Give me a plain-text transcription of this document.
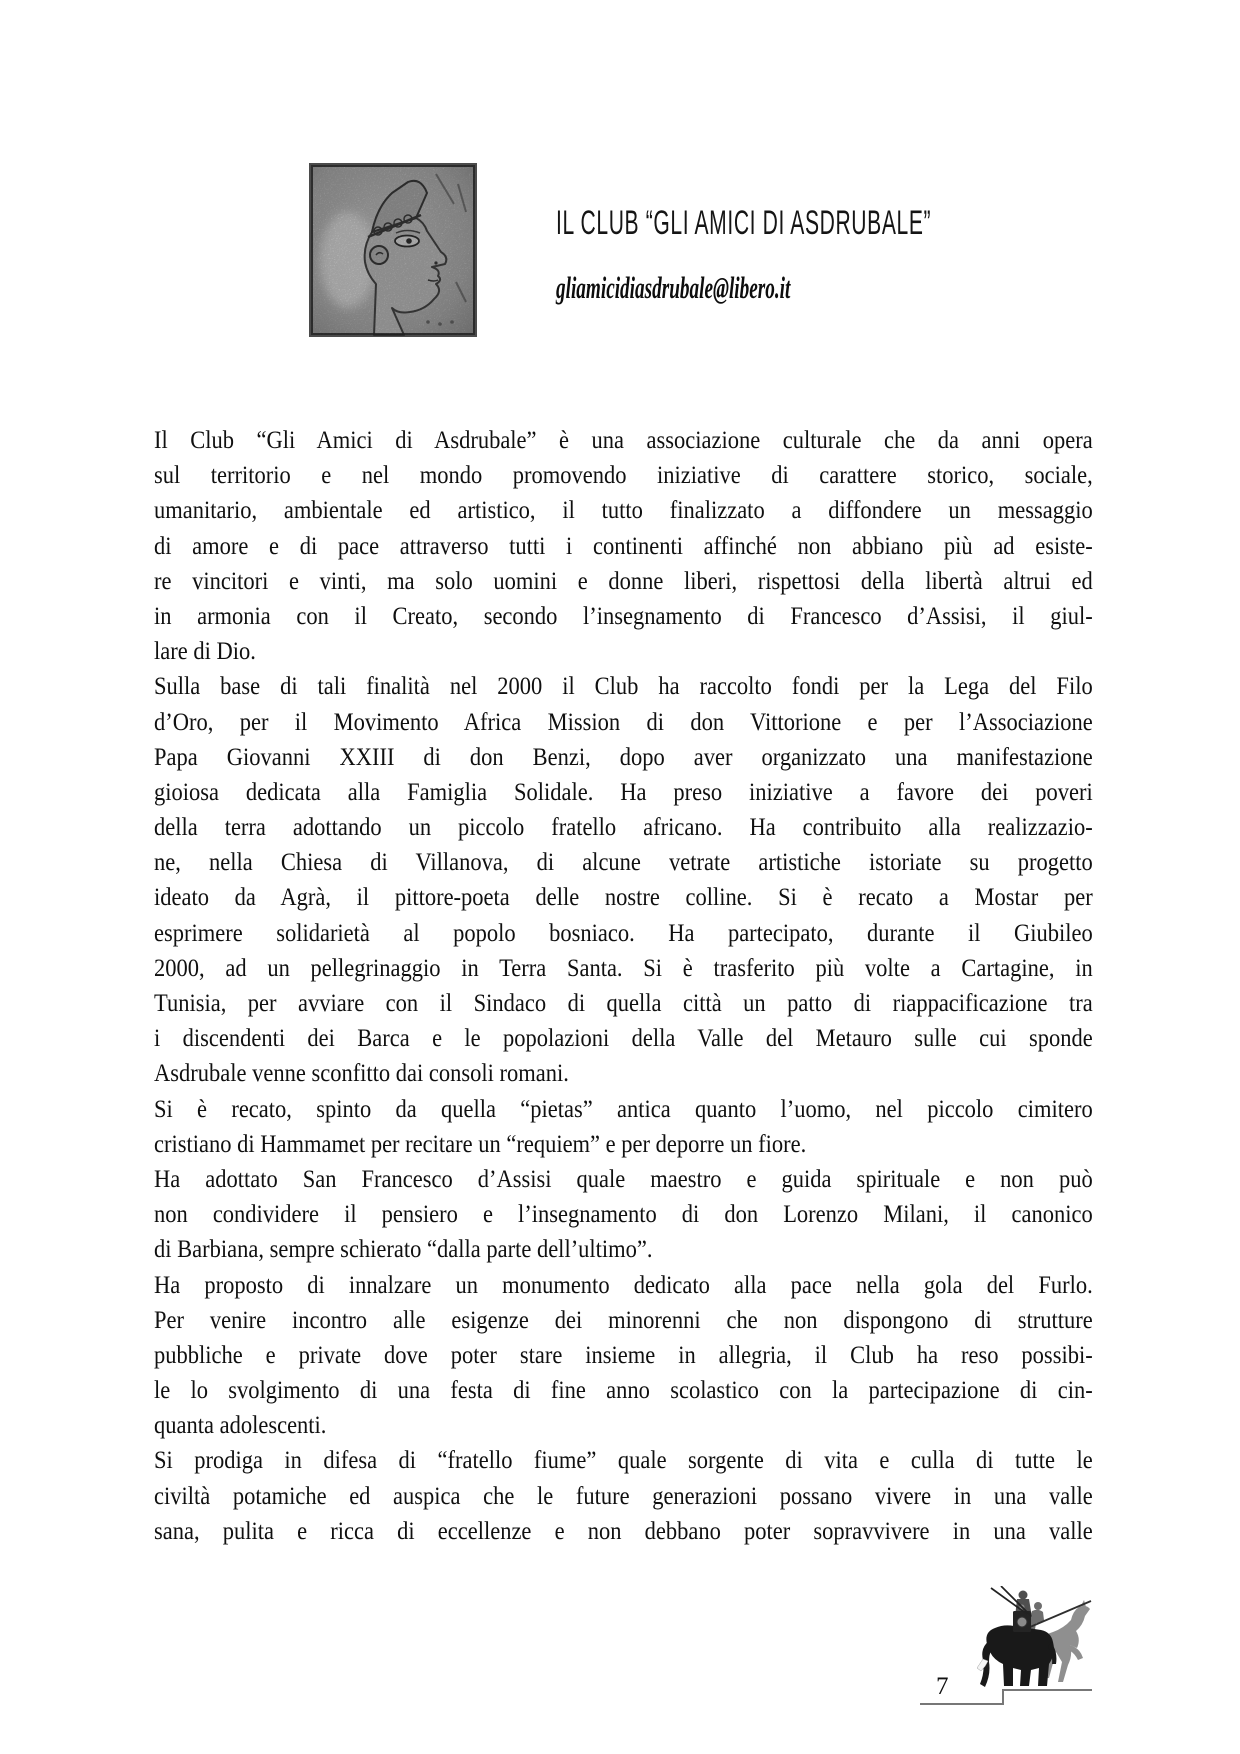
IL CLUB “GLI AMICI DI ASDRUBALE”
gliamicidiasdrubale@libero.it
Il Club “Gli Amici di Asdrubale” è una associazione culturale che da anni opera
sul territorio e nel mondo promovendo iniziative di carattere storico, sociale,
umanitario, ambientale ed artistico, il tutto finalizzato a diffondere un messaggio
di amore e di pace attraverso tutti i continenti affinché non abbiano più ad esiste-
re vincitori e vinti, ma solo uomini e donne liberi, rispettosi della libertà altrui ed
in armonia con il Creato, secondo l’insegnamento di Francesco d’Assisi, il giul-
lare di Dio.
Sulla base di tali finalità nel 2000 il Club ha raccolto fondi per la Lega del Filo
d’Oro, per il Movimento Africa Mission di don Vittorione e per l’Associazione
Papa Giovanni XXIII di don Benzi, dopo aver organizzato una manifestazione
gioiosa dedicata alla Famiglia Solidale. Ha preso iniziative a favore dei poveri
della terra adottando un piccolo fratello africano. Ha contribuito alla realizzazio-
ne, nella Chiesa di Villanova, di alcune vetrate artistiche istoriate su progetto
ideato da Agrà, il pittore-poeta delle nostre colline. Si è recato a Mostar per
esprimere solidarietà al popolo bosniaco. Ha partecipato, durante il Giubileo
2000, ad un pellegrinaggio in Terra Santa. Si è trasferito più volte a Cartagine, in
Tunisia, per avviare con il Sindaco di quella città un patto di riappacificazione tra
i discendenti dei Barca e le popolazioni della Valle del Metauro sulle cui sponde
Asdrubale venne sconfitto dai consoli romani.
Si è recato, spinto da quella “pietas” antica quanto l’uomo, nel piccolo cimitero
cristiano di Hammamet per recitare un “requiem” e per deporre un fiore.
Ha adottato San Francesco d’Assisi quale maestro e guida spirituale e non può
non condividere il pensiero e l’insegnamento di don Lorenzo Milani, il canonico
di Barbiana, sempre schierato “dalla parte dell’ultimo”.
Ha proposto di innalzare un monumento dedicato alla pace nella gola del Furlo.
Per venire incontro alle esigenze dei minorenni che non dispongono di strutture
pubbliche e private dove poter stare insieme in allegria, il Club ha reso possibi-
le lo svolgimento di una festa di fine anno scolastico con la partecipazione di cin-
quanta adolescenti.
Si prodiga in difesa di “fratello fiume” quale sorgente di vita e culla di tutte le
civiltà potamiche ed auspica che le future generazioni possano vivere in una valle
sana, pulita e ricca di eccellenze e non debbano poter sopravvivere in una valle
7
